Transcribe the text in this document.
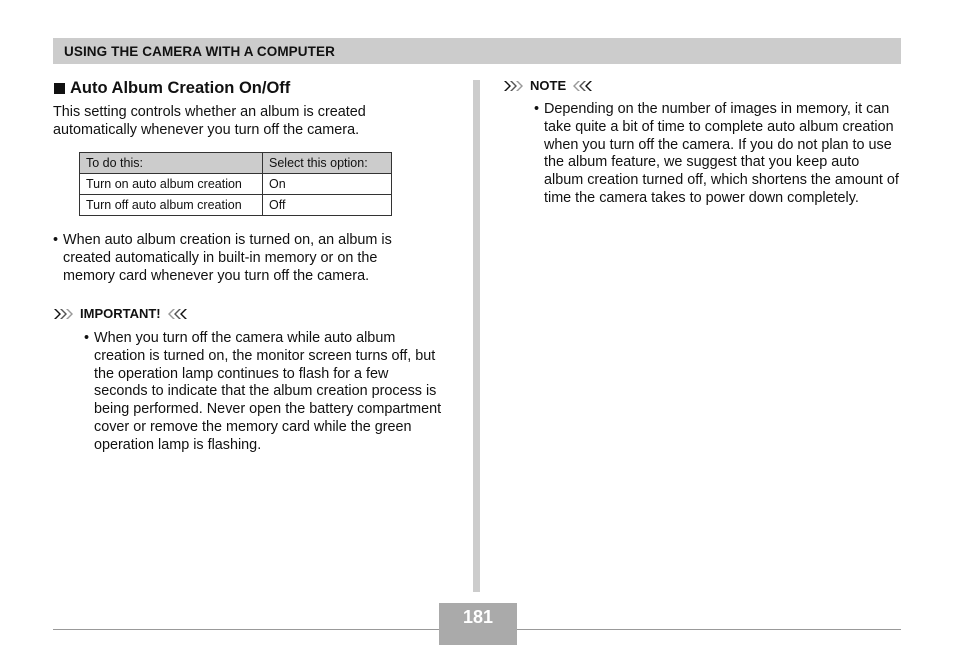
USING THE CAMERA WITH A COMPUTER
Auto Album Creation On/Off

This setting controls whether an album is created automatically whenever you turn off the camera.

To do this:	Select this option:
Turn on auto album creation	On
Turn off auto album creation	Off
• When auto album creation is turned on, an album is created automatically in built-in memory or on the memory card whenever you turn off the camera.
IMPORTANT!
• When you turn off the camera while auto album creation is turned on, the monitor screen turns off, but the operation lamp continues to flash for a few seconds to indicate that the album creation process is being performed. Never open the battery compartment cover or remove the memory card while the green operation lamp is flashing.
NOTE
• Depending on the number of images in memory, it can take quite a bit of time to complete auto album creation when you turn off the camera. If you do not plan to use the album feature, we suggest that you keep auto album creation turned off, which shortens the amount of time the camera takes to power down completely.
181
